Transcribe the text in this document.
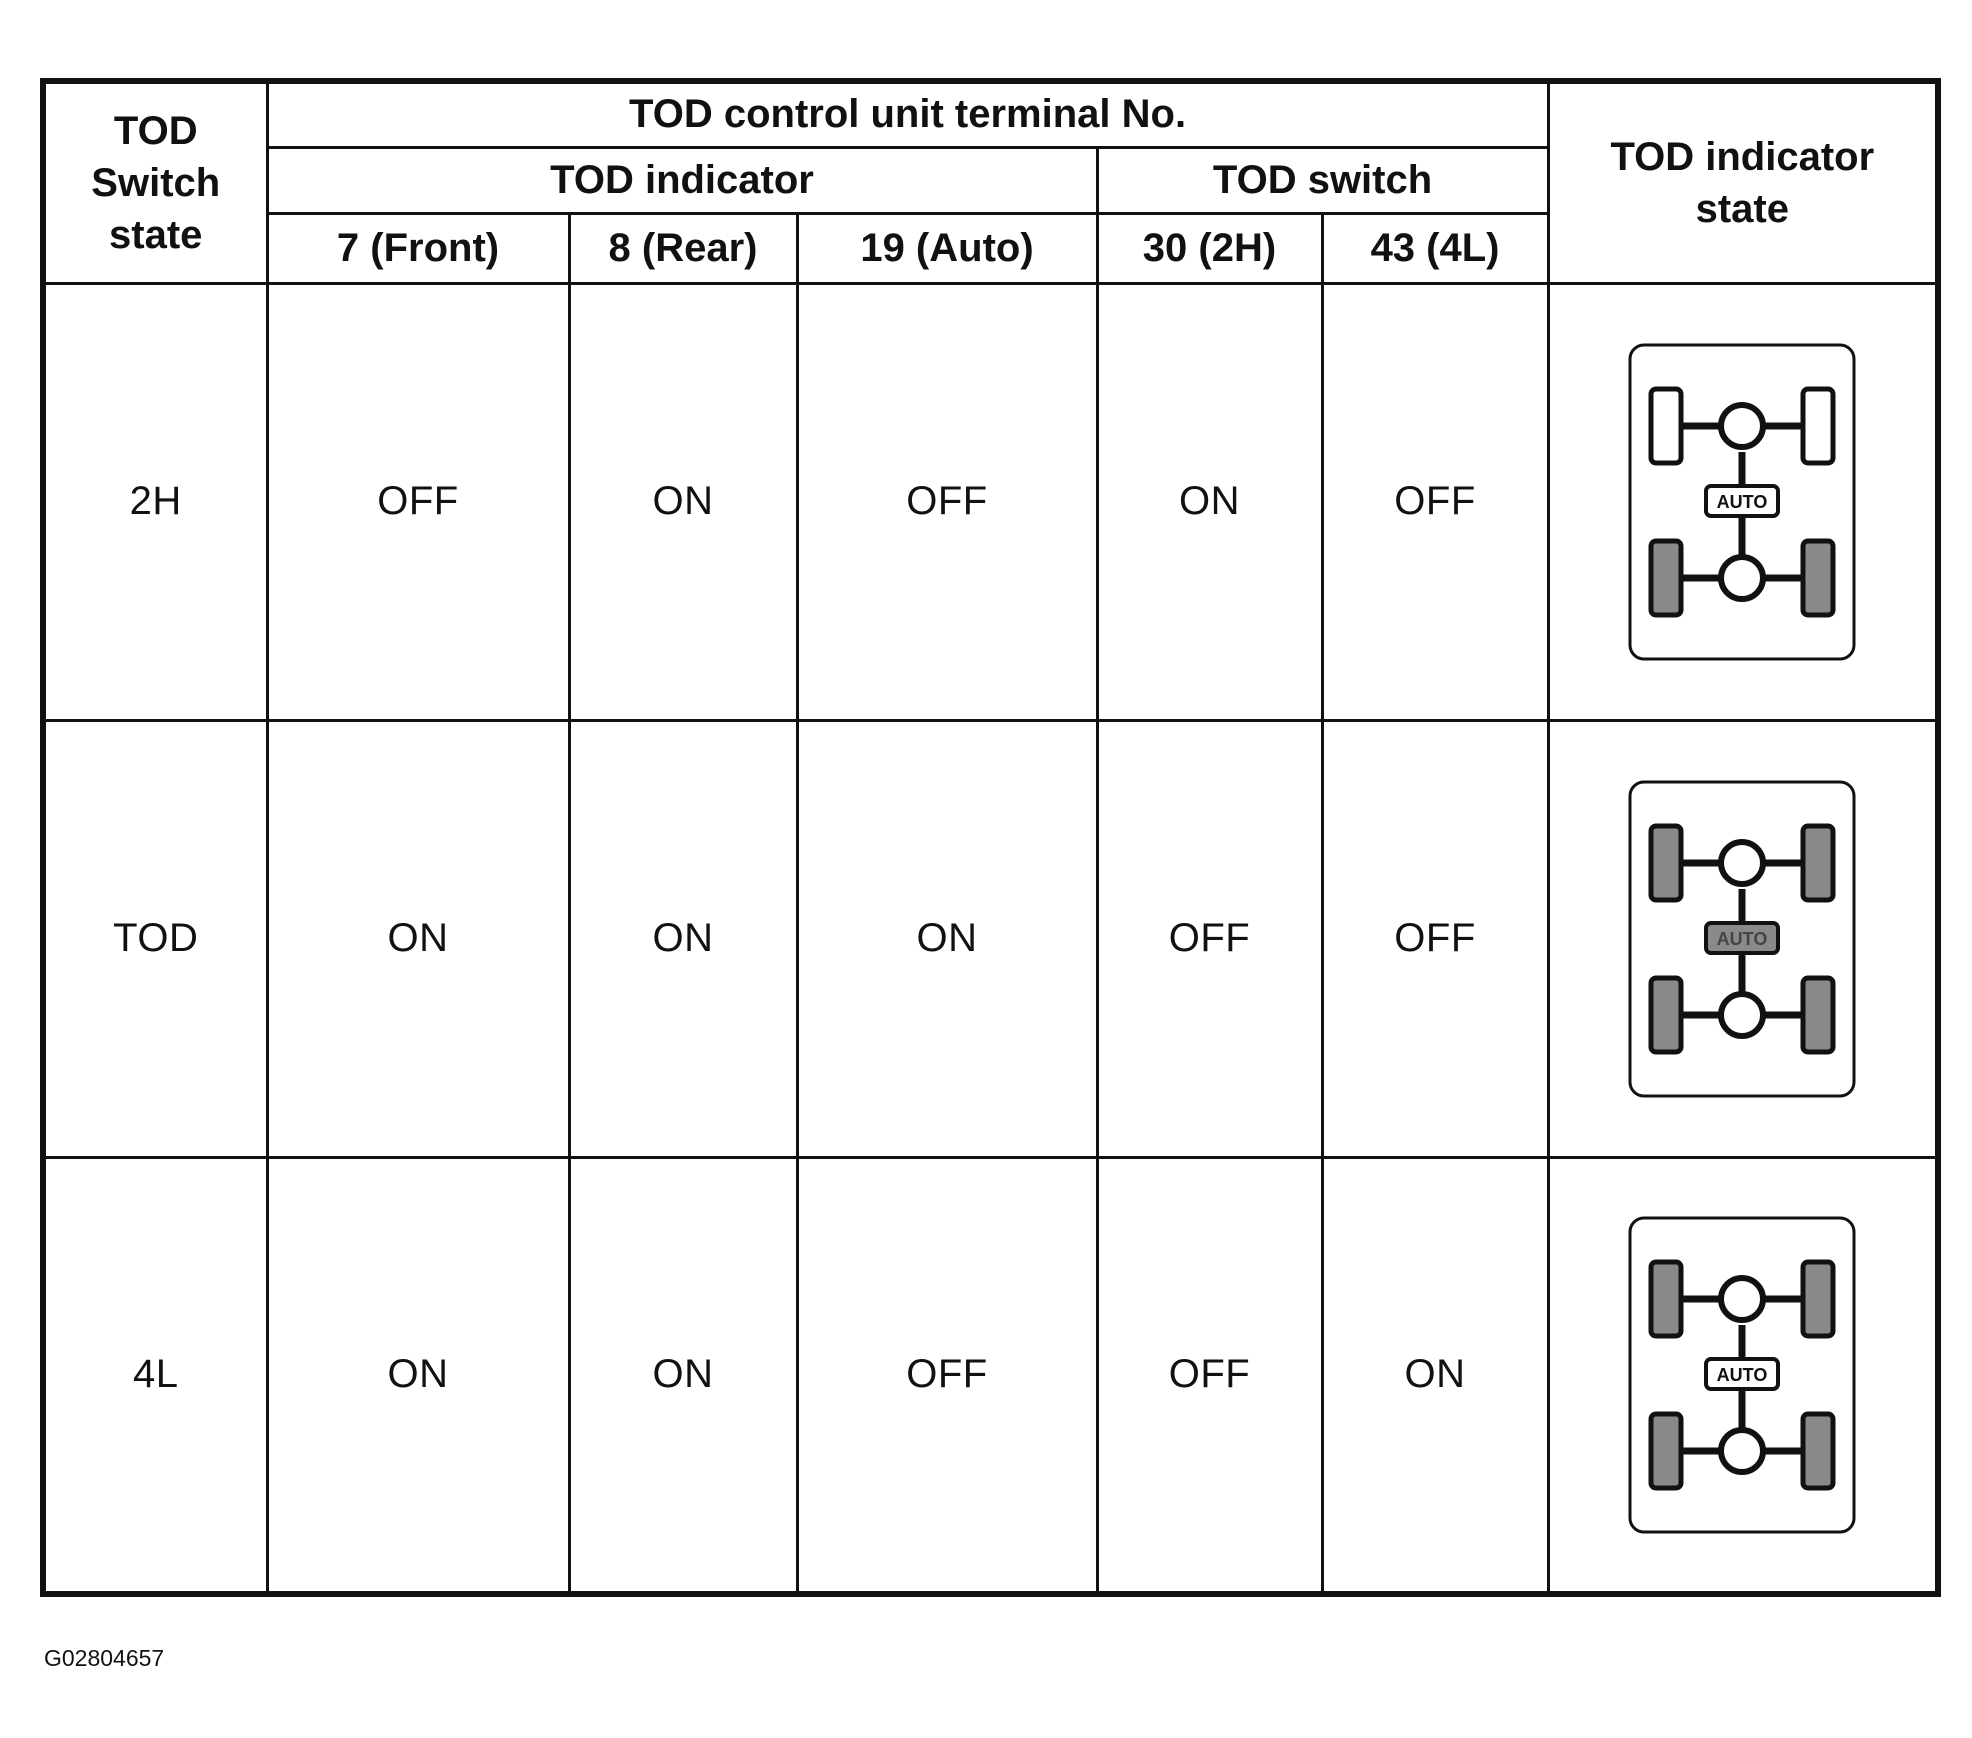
TOD
Switch
state	TOD control unit terminal No.					TOD indicator
state

	TOD indicator			TOD switch		
	7 (Front)	8 (Rear)	19 (Auto)	30 (2H)	43 (4L)	
2H	OFF	ON	OFF	ON	OFF	AUTO

TOD	ON	ON	ON	OFF	OFF	AUTO

4L	ON	ON	OFF	OFF	ON	AUTO
G02804657
